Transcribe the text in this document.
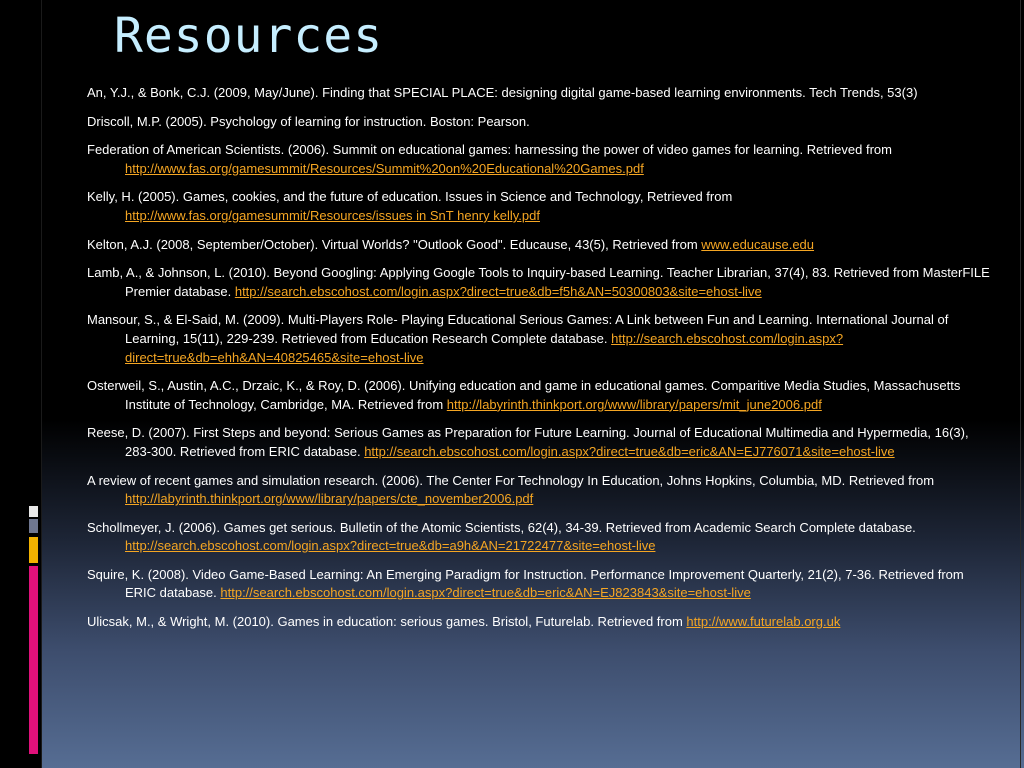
Resources

An, Y.J., & Bonk, C.J. (2009, May/June). Finding that SPECIAL PLACE: designing digital game-based learning environments. Tech Trends, 53(3)

Driscoll, M.P. (2005). Psychology of learning for instruction. Boston: Pearson.

Federation of American Scientists. (2006). Summit on educational games: harnessing the power of video games for learning. Retrieved from http://www.fas.org/gamesummit/Resources/Summit%20on%20Educational%20Games.pdf

Kelly, H. (2005). Games, cookies, and the future of education. Issues in Science and Technology, Retrieved from http://www.fas.org/gamesummit/Resources/issues in SnT henry kelly.pdf

Kelton, A.J. (2008, September/October). Virtual Worlds? "Outlook Good". Educause, 43(5), Retrieved from www.educause.edu

Lamb, A., & Johnson, L. (2010). Beyond Googling: Applying Google Tools to Inquiry-based Learning. Teacher Librarian, 37(4), 83. Retrieved from MasterFILE Premier database. http://search.ebscohost.com/login.aspx?direct=true&db=f5h&AN=50300803&site=ehost-live

Mansour, S., & El-Said, M. (2009). Multi-Players Role- Playing Educational Serious Games: A Link between Fun and Learning. International Journal of Learning, 15(11), 229-239. Retrieved from Education Research Complete database. http://search.ebscohost.com/login.aspx?direct=true&db=ehh&AN=40825465&site=ehost-live

Osterweil, S., Austin, A.C., Drzaic, K., & Roy, D. (2006). Unifying education and game in educational games. Comparitive Media Studies, Massachusetts Institute of Technology, Cambridge, MA. Retrieved from http://labyrinth.thinkport.org/www/library/papers/mit_june2006.pdf

Reese, D. (2007). First Steps and beyond: Serious Games as Preparation for Future Learning. Journal of Educational Multimedia and Hypermedia, 16(3), 283-300. Retrieved from ERIC database. http://search.ebscohost.com/login.aspx?direct=true&db=eric&AN=EJ776071&site=ehost-live

A review of recent games and simulation research. (2006). The Center For Technology In Education, Johns Hopkins, Columbia, MD. Retrieved from http://labyrinth.thinkport.org/www/library/papers/cte_november2006.pdf

Schollmeyer, J. (2006). Games get serious. Bulletin of the Atomic Scientists, 62(4), 34-39. Retrieved from Academic Search Complete database. http://search.ebscohost.com/login.aspx?direct=true&db=a9h&AN=21722477&site=ehost-live

Squire, K. (2008). Video Game-Based Learning: An Emerging Paradigm for Instruction. Performance Improvement Quarterly, 21(2), 7-36. Retrieved from ERIC database. http://search.ebscohost.com/login.aspx?direct=true&db=eric&AN=EJ823843&site=ehost-live

Ulicsak, M., & Wright, M. (2010). Games in education: serious games. Bristol, Futurelab. Retrieved from http://www.futurelab.org.uk
